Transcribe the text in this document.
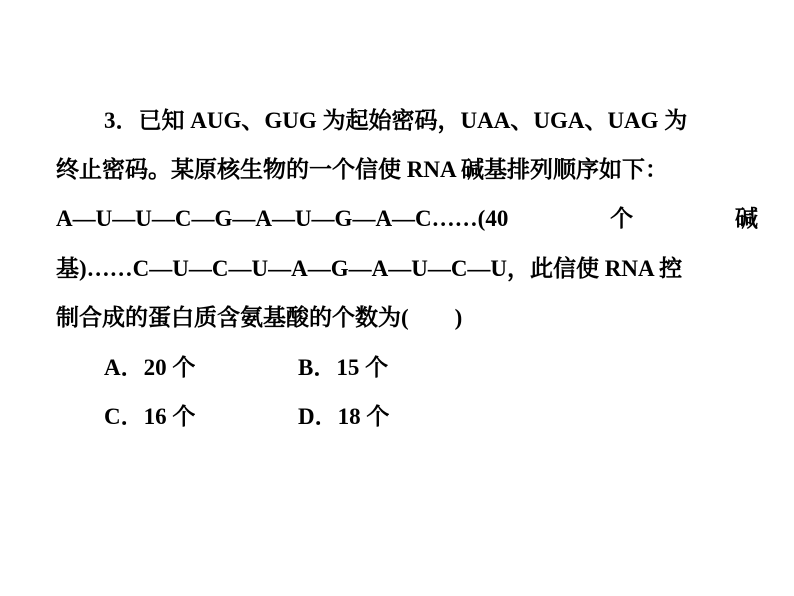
3．已知 AUG、GUG 为起始密码，UAA、UGA、UAG 为
终止密码。某原核生物的一个信使 RNA 碱基排列顺序如下：
A—U—U—C—G—A—U—G—A—C……(40	个	碱
基)……C—U—C—U—A—G—A—U—C—U，此信使 RNA 控
制合成的蛋白质含氨基酸的个数为(　　)
A．20 个	B．15 个
C．16 个	D．18 个
